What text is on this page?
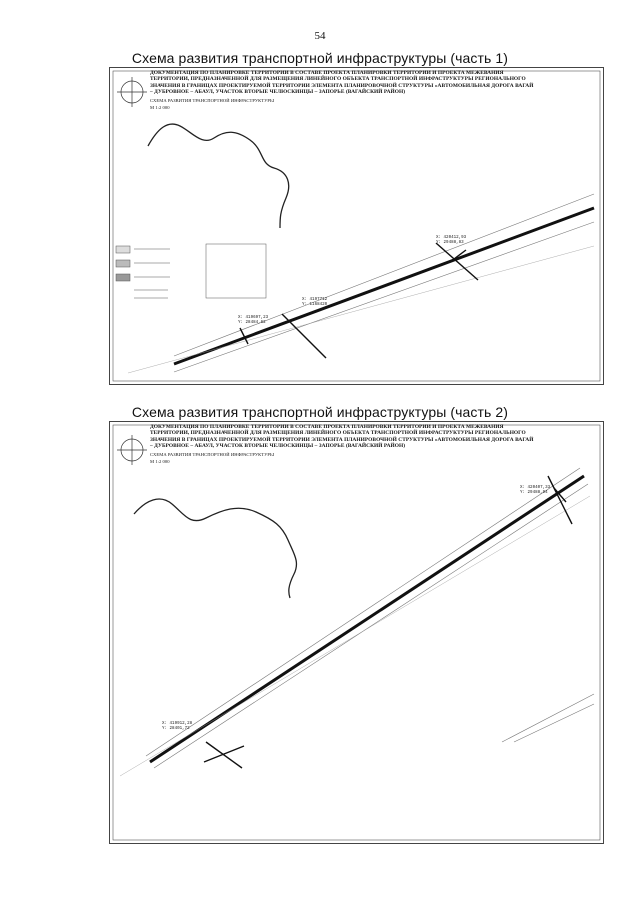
54
Схема развития транспортной инфраструктуры (часть 1)
ДОКУМЕНТАЦИЯ ПО ПЛАНИРОВКЕ ТЕРРИТОРИИ В СОСТАВЕ ПРОЕКТА ПЛАНИРОВКИ ТЕРРИТОРИИ И ПРОЕКТА МЕЖЕВАНИЯ ТЕРРИТОРИИ, ПРЕДНАЗНАЧЕННОЙ ДЛЯ РАЗМЕЩЕНИЯ ЛИНЕЙНОГО ОБЪЕКТА ТРАНСПОРТНОЙ ИНФРАСТРУКТУРЫ РЕГИОНАЛЬНОГО ЗНАЧЕНИЯ В ГРАНИЦАХ ПРОЕКТИРУЕМОЙ ТЕРРИТОРИИ ЭЛЕМЕНТА ПЛАНИРОВОЧНОЙ СТРУКТУРЫ «АВТОМОБИЛЬНАЯ ДОРОГА ВАГАЙ – ДУБРОВНОЕ – АБАУЛ, УЧАСТОК ВТОРЫЕ ЧЕЛЮСКИНЦЫ – ЗАПОРЬЕ (ВАГАЙСКИЙ РАЙОН)
СХЕМА РАЗВИТИЯ ТРАНСПОРТНОЙ ИНФРАСТРУКТУРЫ
М 1:2 000
X: 420412,93
Y: 29488,83
X: 4197712
Y: 1168420
X: 419697,23
Y: 28484,62
Схема развития транспортной инфраструктуры (часть 2)
ДОКУМЕНТАЦИЯ ПО ПЛАНИРОВКЕ ТЕРРИТОРИИ В СОСТАВЕ ПРОЕКТА ПЛАНИРОВКИ ТЕРРИТОРИИ И ПРОЕКТА МЕЖЕВАНИЯ ТЕРРИТОРИИ, ПРЕДНАЗНАЧЕННОЙ ДЛЯ РАЗМЕЩЕНИЯ ЛИНЕЙНОГО ОБЪЕКТА ТРАНСПОРТНОЙ ИНФРАСТРУКТУРЫ РЕГИОНАЛЬНОГО ЗНАЧЕНИЯ В ГРАНИЦАХ ПРОЕКТИРУЕМОЙ ТЕРРИТОРИИ ЭЛЕМЕНТА ПЛАНИРОВОЧНОЙ СТРУКТУРЫ «АВТОМОБИЛЬНАЯ ДОРОГА ВАГАЙ – ДУБРОВНОЕ – АБАУЛ, УЧАСТОК ВТОРЫЕ ЧЕЛЮСКИНЦЫ – ЗАПОРЬЕ (ВАГАЙСКИЙ РАЙОН)
СХЕМА РАЗВИТИЯ ТРАНСПОРТНОЙ ИНФРАСТРУКТУРЫ
М 1:2 000
X: 420407,33
Y: 29488,94
X: 419912,28
Y: 28401,72
